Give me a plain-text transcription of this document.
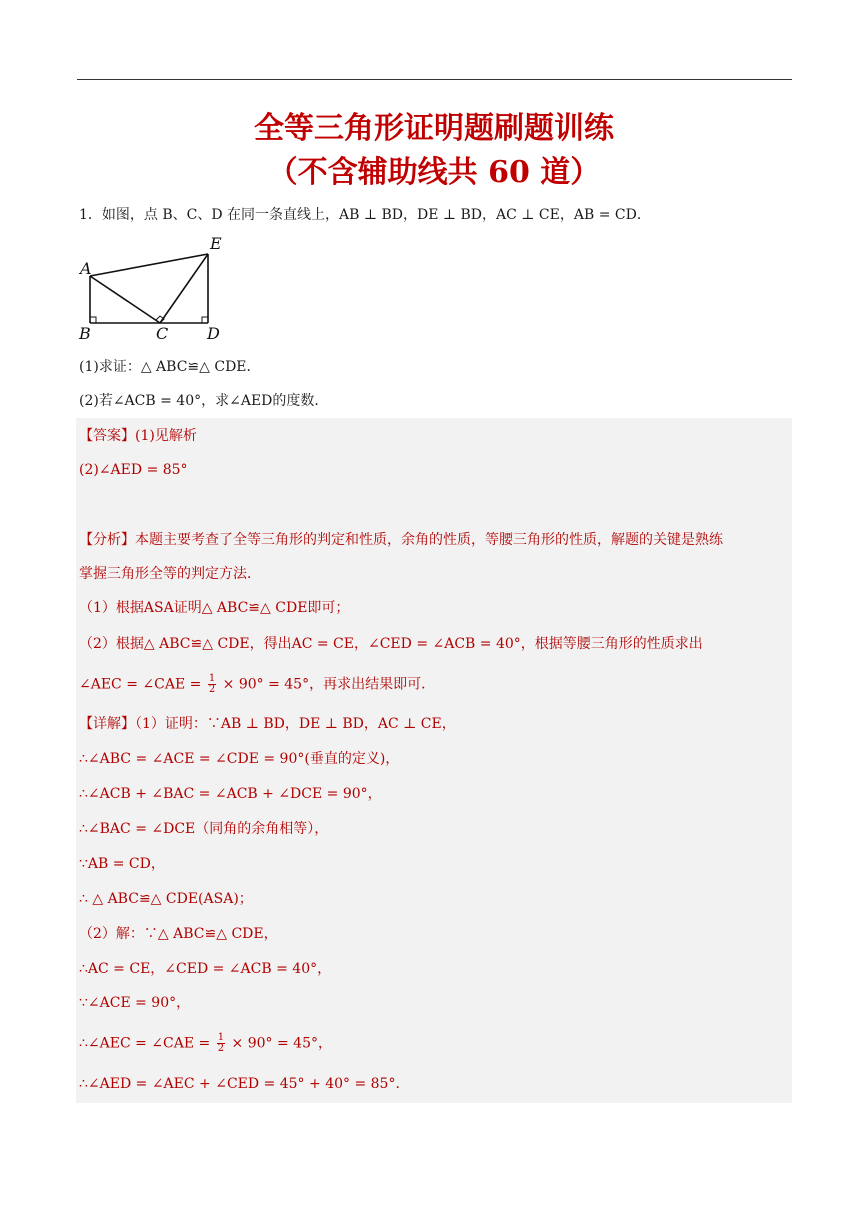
全等三角形证明题刷题训练
（不含辅助线共 60 道）
1．如图，点 B、C、D 在同一条直线上，AB ⊥ BD，DE ⊥ BD，AC ⊥ CE，AB = CD．
A
E
B	C D
(1)求证：△ ABC≌△ CDE．
(2)若∠ACB = 40°，求∠AED的度数．
【答案】(1)见解析
(2)∠AED = 85°
【分析】本题主要考查了全等三角形的判定和性质，余角的性质，等腰三角形的性质，解题的关键是熟练
掌握三角形全等的判定方法．
（1）根据ASA证明△ ABC≌△ CDE即可；
（2）根据△ ABC≌△ CDE，得出AC = CE，∠CED = ∠ACB = 40°，根据等腰三角形的性质求出
∠AEC = ∠CAE = $\frac{1}{2} \times 90^\circ = 45^\circ$，再求出结果即可．
【详解】（1）证明：∵AB ⊥ BD，DE ⊥ BD，AC ⊥ CE，
∴∠ABC = ∠ACE = ∠CDE = 90°(垂直的定义)，
∴∠ACB + ∠BAC = ∠ACB + ∠DCE = 90°，
∴∠BAC = ∠DCE（同角的余角相等），
∵AB = CD，
∴ △ ABC≌△ CDE(ASA)；
（2）解：∵△ ABC≌△ CDE，
∴AC = CE，∠CED = ∠ACB = 40°，
∵∠ACE = 90°，
∴∠AEC = ∠CAE = $\frac{1}{2} \times 90^\circ = 45^\circ$，
∴∠AED = ∠AEC + ∠CED = 45° + 40° = 85°.
